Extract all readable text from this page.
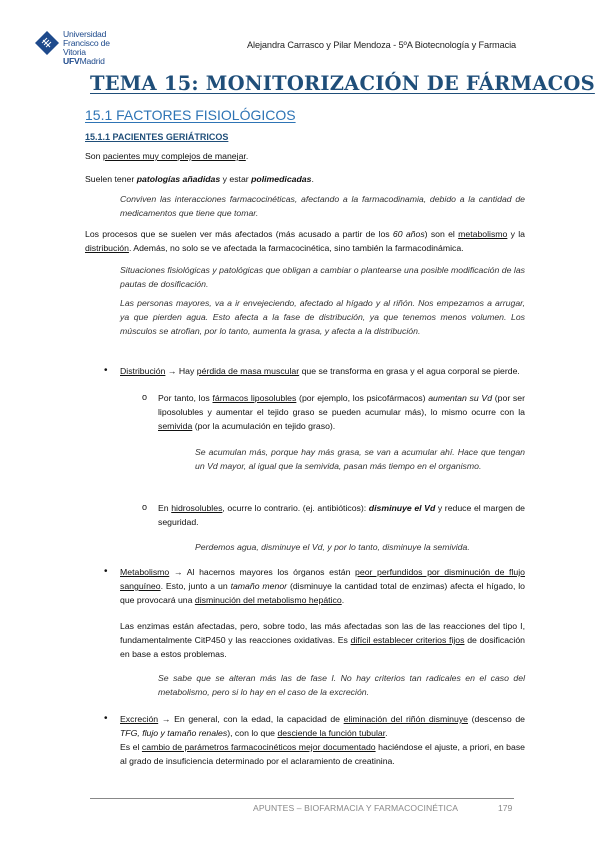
Universidad
Francisco de Vitoria
UFVMadrid
Alejandra Carrasco y Pilar Mendoza - 5ºA Biotecnología y Farmacia
TEMA 15: MONITORIZACIÓN DE FÁRMACOS
15.1 FACTORES FISIOLÓGICOS
15.1.1 PACIENTES GERIÁTRICOS
Son pacientes muy complejos de manejar.
Suelen tener patologías añadidas y estar polimedicadas.
Conviven las interacciones farmacocinéticas, afectando a la farmacodinamia, debido a la cantidad de medicamentos que tiene que tomar.
Los procesos que se suelen ver más afectados (más acusado a partir de los 60 años) son el metabolismo y la distribución. Además, no solo se ve afectada la farmacocinética, sino también la farmacodinámica.
Situaciones fisiológicas y patológicas que obligan a cambiar o plantearse una posible modificación de las pautas de dosificación.
Las personas mayores, va a ir envejeciendo, afectado al hígado y al riñón. Nos empezamos a arrugar, ya que pierden agua. Esto afecta a la fase de distribución, ya que tenemos menos volumen. Los músculos se atrofian, por lo tanto, aumenta la grasa, y afecta a la distribución.
• Distribución → Hay pérdida de masa muscular que se transforma en grasa y el agua corporal se pierde.
o Por tanto, los fármacos liposolubles (por ejemplo, los psicofármacos) aumentan su Vd (por ser liposolubles y aumentar el tejido graso se pueden acumular más), lo mismo ocurre con la semivida (por la acumulación en tejido graso).
Se acumulan más, porque hay más grasa, se van a acumular ahí. Hace que tengan un Vd mayor, al igual que la semivida, pasan más tiempo en el organismo.
o En hidrosolubles, ocurre lo contrario. (ej. antibióticos): disminuye el Vd y reduce el margen de seguridad.
Perdemos agua, disminuye el Vd, y por lo tanto, disminuye la semivida.
• Metabolismo → Al hacernos mayores los órganos están peor perfundidos por disminución de flujo sanguíneo. Esto, junto a un tamaño menor (disminuye la cantidad total de enzimas) afecta el hígado, lo que provocará una disminución del metabolismo hepático.
Las enzimas están afectadas, pero, sobre todo, las más afectadas son las de las reacciones del tipo I, fundamentalmente CitP450 y las reacciones oxidativas. Es difícil establecer criterios fijos de dosificación en base a estos problemas.
Se sabe que se alteran más las de fase I. No hay criterios tan radicales en el caso del metabolismo, pero si lo hay en el caso de la excreción.
• Excreción → En general, con la edad, la capacidad de eliminación del riñón disminuye (descenso de TFG, flujo y tamaño renales), con lo que desciende la función tubular.
Es el cambio de parámetros farmacocinéticos mejor documentado haciéndose el ajuste, a priori, en base al grado de insuficiencia determinado por el aclaramiento de creatinina.
APUNTES – BIOFARMACIA Y FARMACOCINÉTICA	179
